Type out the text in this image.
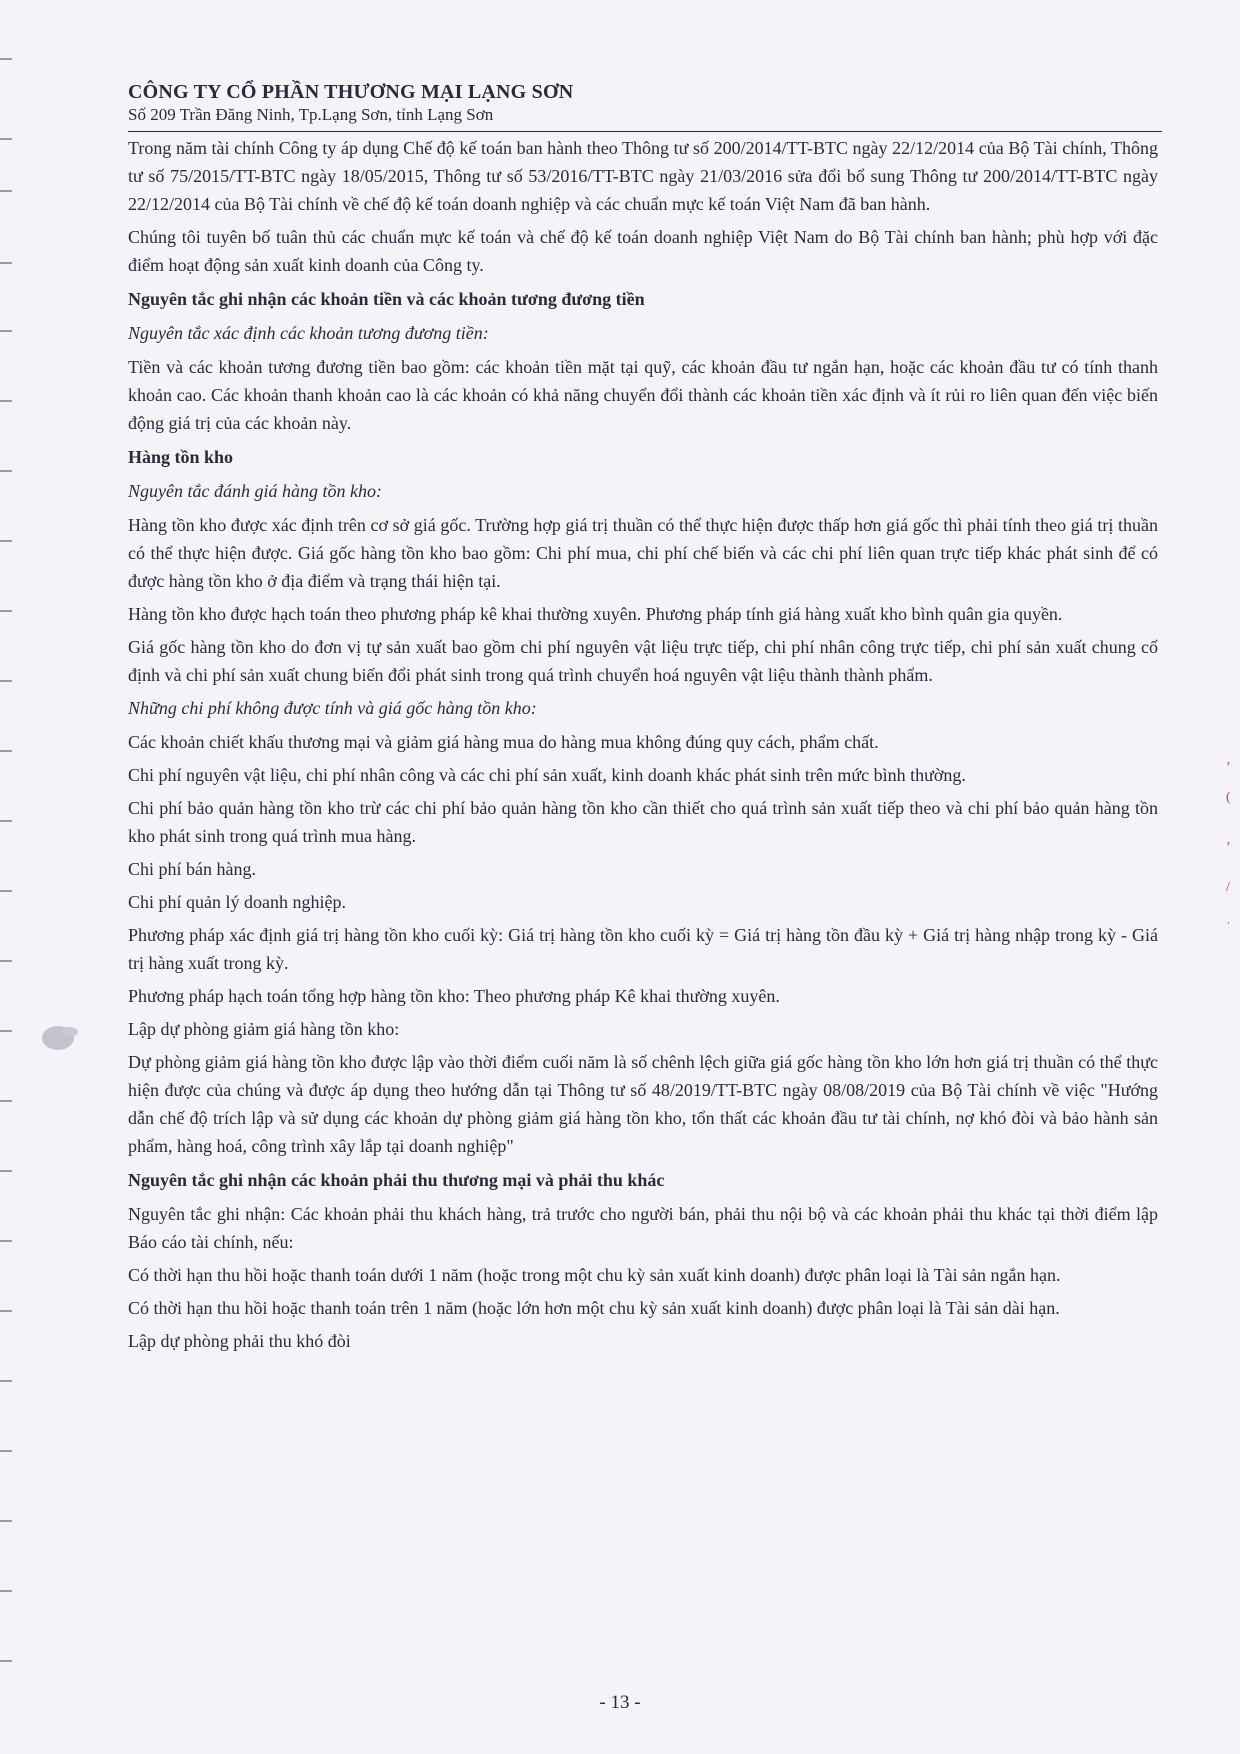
CÔNG TY CỔ PHẦN THƯƠNG MẠI LẠNG SƠN

Số 209 Trần Đăng Ninh, Tp.Lạng Sơn, tỉnh Lạng Sơn

Trong năm tài chính Công ty áp dụng Chế độ kế toán ban hành theo Thông tư số 200/2014/TT-BTC ngày 22/12/2014 của Bộ Tài chính, Thông tư số 75/2015/TT-BTC ngày 18/05/2015, Thông tư số 53/2016/TT-BTC ngày 21/03/2016 sửa đổi bổ sung Thông tư 200/2014/TT-BTC ngày 22/12/2014 của Bộ Tài chính về chế độ kế toán doanh nghiệp và các chuẩn mực kế toán Việt Nam đã ban hành.

Chúng tôi tuyên bố tuân thủ các chuẩn mực kế toán và chế độ kế toán doanh nghiệp Việt Nam do Bộ Tài chính ban hành; phù hợp với đặc điểm hoạt động sản xuất kinh doanh của Công ty.

Nguyên tắc ghi nhận các khoản tiền và các khoản tương đương tiền

Nguyên tắc xác định các khoản tương đương tiền:

Tiền và các khoản tương đương tiền bao gồm: các khoản tiền mặt tại quỹ, các khoản đầu tư ngắn hạn, hoặc các khoản đầu tư có tính thanh khoản cao. Các khoản thanh khoản cao là các khoản có khả năng chuyển đổi thành các khoản tiền xác định và ít rủi ro liên quan đến việc biến động giá trị của các khoản này.

Hàng tồn kho

Nguyên tắc đánh giá hàng tồn kho:

Hàng tồn kho được xác định trên cơ sở giá gốc. Trường hợp giá trị thuần có thể thực hiện được thấp hơn giá gốc thì phải tính theo giá trị thuần có thể thực hiện được. Giá gốc hàng tồn kho bao gồm: Chi phí mua, chi phí chế biến và các chi phí liên quan trực tiếp khác phát sinh để có được hàng tồn kho ở địa điểm và trạng thái hiện tại.

Hàng tồn kho được hạch toán theo phương pháp kê khai thường xuyên. Phương pháp tính giá hàng xuất kho bình quân gia quyền.

Giá gốc hàng tồn kho do đơn vị tự sản xuất bao gồm chi phí nguyên vật liệu trực tiếp, chi phí nhân công trực tiếp, chi phí sản xuất chung cố định và chi phí sản xuất chung biến đổi phát sinh trong quá trình chuyển hoá nguyên vật liệu thành thành phẩm.

Những chi phí không được tính và giá gốc hàng tồn kho:

Các khoản chiết khấu thương mại và giảm giá hàng mua do hàng mua không đúng quy cách, phẩm chất.

Chi phí nguyên vật liệu, chi phí nhân công và các chi phí sản xuất, kinh doanh khác phát sinh trên mức bình thường.

Chi phí bảo quản hàng tồn kho trừ các chi phí bảo quản hàng tồn kho cần thiết cho quá trình sản xuất tiếp theo và chi phí bảo quản hàng tồn kho phát sinh trong quá trình mua hàng.

Chi phí bán hàng.

Chi phí quản lý doanh nghiệp.

Phương pháp xác định giá trị hàng tồn kho cuối kỳ: Giá trị hàng tồn kho cuối kỳ = Giá trị hàng tồn đầu kỳ + Giá trị hàng nhập trong kỳ - Giá trị hàng xuất trong kỳ.

Phương pháp hạch toán tổng hợp hàng tồn kho: Theo phương pháp Kê khai thường xuyên.

Lập dự phòng giảm giá hàng tồn kho:

Dự phòng giảm giá hàng tồn kho được lập vào thời điểm cuối năm là số chênh lệch giữa giá gốc hàng tồn kho lớn hơn giá trị thuần có thể thực hiện được của chúng và được áp dụng theo hướng dẫn tại Thông tư số 48/2019/TT-BTC ngày 08/08/2019 của Bộ Tài chính về việc "Hướng dẫn chế độ trích lập và sử dụng các khoản dự phòng giảm giá hàng tồn kho, tổn thất các khoản đầu tư tài chính, nợ khó đòi và bảo hành sản phẩm, hàng hoá, công trình xây lắp tại doanh nghiệp"

Nguyên tắc ghi nhận các khoản phải thu thương mại và phải thu khác

Nguyên tắc ghi nhận: Các khoản phải thu khách hàng, trả trước cho người bán, phải thu nội bộ và các khoản phải thu khác tại thời điểm lập Báo cáo tài chính, nếu:

Có thời hạn thu hồi hoặc thanh toán dưới 1 năm (hoặc trong một chu kỳ sản xuất kinh doanh) được phân loại là Tài sản ngắn hạn.

Có thời hạn thu hồi hoặc thanh toán trên 1 năm (hoặc lớn hơn một chu kỳ sản xuất kinh doanh) được phân loại là Tài sản dài hạn.

Lập dự phòng phải thu khó đòi

ʼ
(
ʼ
/
ˌ
- 13 -
